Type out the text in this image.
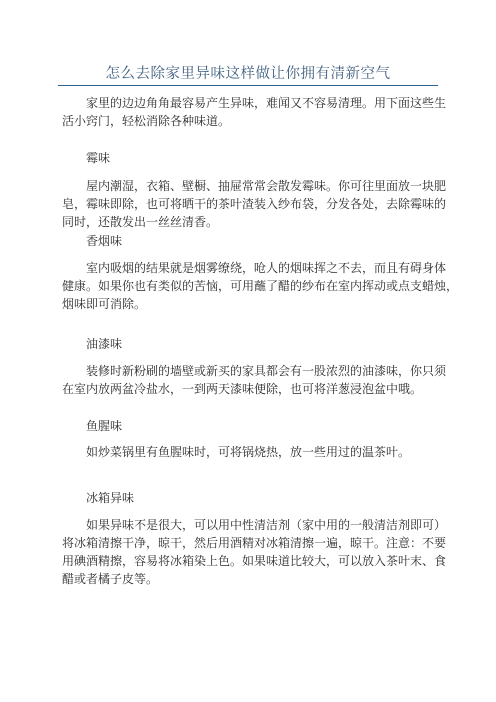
怎么去除家里异味这样做让你拥有清新空气
家里的边边角角最容易产生异味，难闻又不容易清理。用下面这些生
活小窍门，轻松消除各种味道。
霉味
屋内潮湿，衣箱、壁橱、抽屉常常会散发霉味。你可往里面放一块肥
皂，霉味即除，也可将晒干的茶叶渣装入纱布袋，分发各处，去除霉味的
同时，还散发出一丝丝清香。
香烟味
室内吸烟的结果就是烟雾缭绕，呛人的烟味挥之不去，而且有碍身体
健康。如果你也有类似的苦恼，可用蘸了醋的纱布在室内挥动或点支蜡烛，
烟味即可消除。
油漆味
装修时新粉刷的墙壁或新买的家具都会有一股浓烈的油漆味，你只须
在室内放两盆冷盐水，一到两天漆味便除，也可将洋葱浸泡盆中哦。
鱼腥味
如炒菜锅里有鱼腥味时，可将锅烧热，放一些用过的温茶叶。
冰箱异味
如果异味不是很大，可以用中性清洁剂（家中用的一般清洁剂即可）
将冰箱清擦干净，晾干，然后用酒精对冰箱清擦一遍，晾干。注意：不要
用碘酒精擦，容易将冰箱染上色。如果味道比较大，可以放入茶叶末、食
醋或者橘子皮等。
